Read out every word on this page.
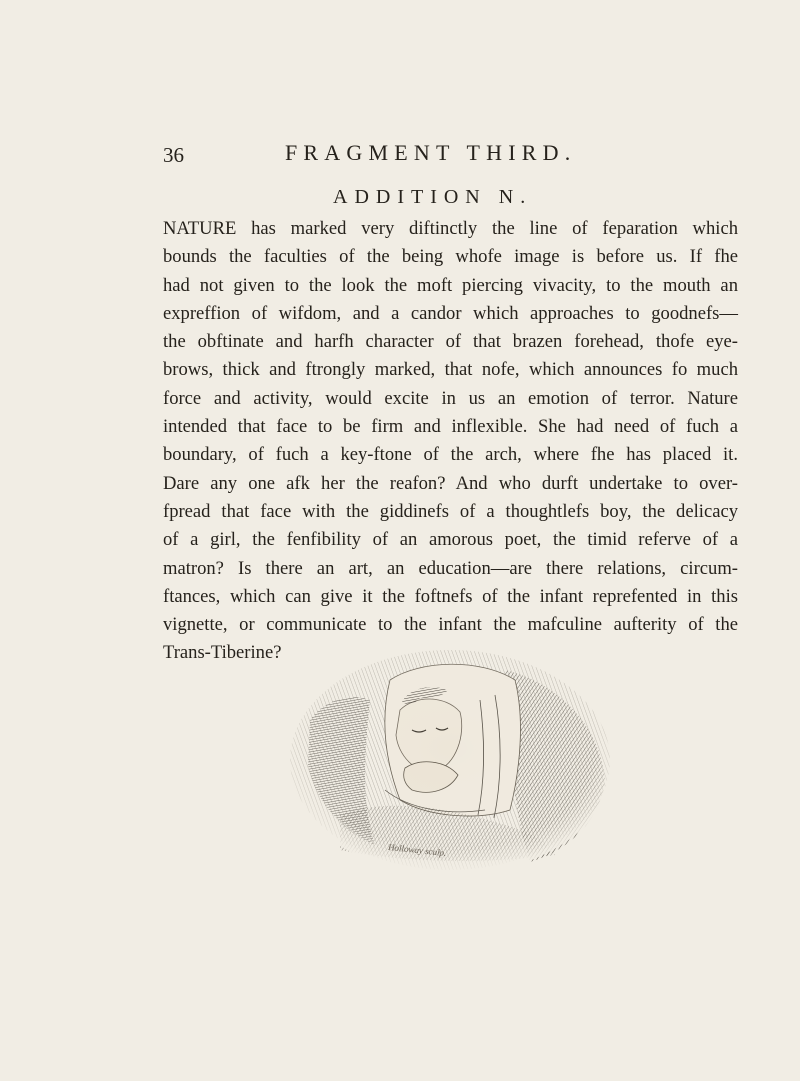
36	FRAGMENT THIRD.
ADDITION N.
NATURE has marked very diftinctly the line of feparation which
bounds the faculties of the being whofe image is before us. If fhe
had not given to the look the moft piercing vivacity, to the mouth an
expreffion of wifdom, and a candor which approaches to goodnefs—
the obftinate and harfh character of that brazen forehead, thofe eye-
brows, thick and ftrongly marked, that nofe, which announces fo much
force and activity, would excite in us an emotion of terror. Nature
intended that face to be firm and inflexible. She had need of fuch a
boundary, of fuch a key-ftone of the arch, where fhe has placed it.
Dare any one afk her the reafon? And who durft undertake to over-
fpread that face with the giddinefs of a thoughtlefs boy, the delicacy
of a girl, the fenfibility of an amorous poet, the timid referve of a
matron? Is there an art, an education—are there relations, circum-
ftances, which can give it the foftnefs of the infant reprefented in this
vignette, or communicate to the infant the mafculine aufterity of the
Trans-Tiberine?
Holloway sculp.
